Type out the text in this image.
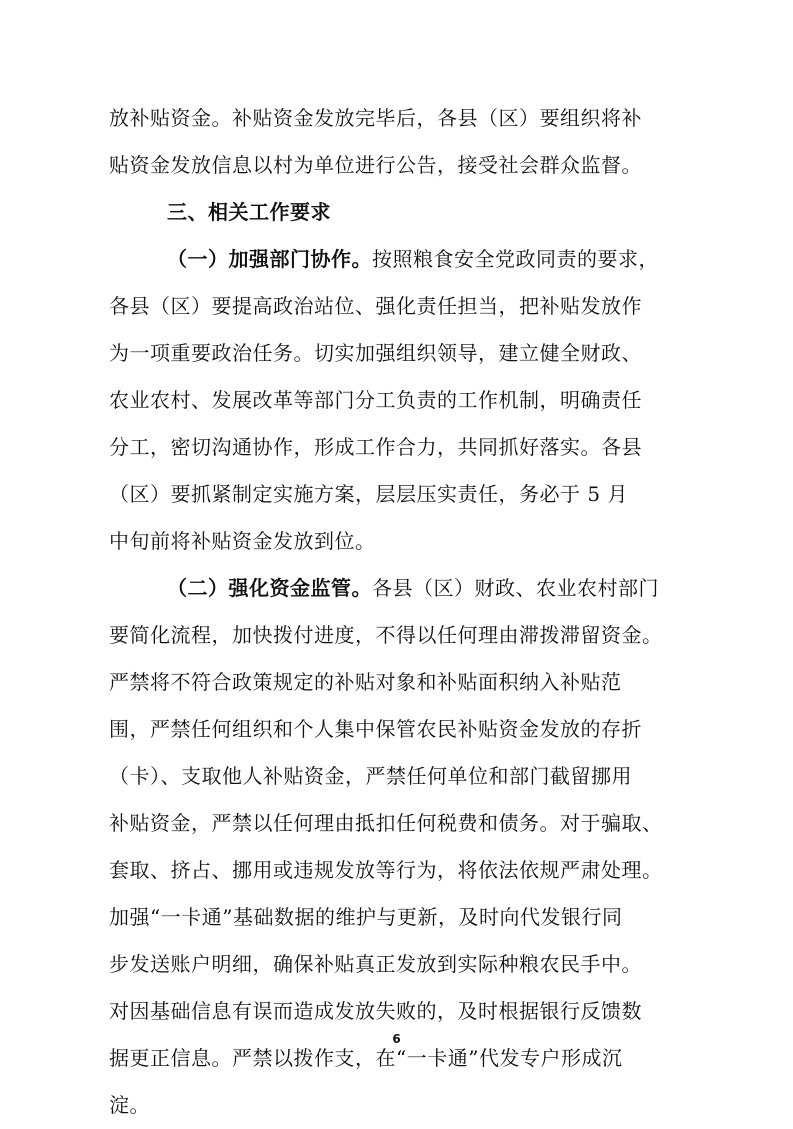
放补贴资金。补贴资金发放完毕后，各县（区）要组织将补
贴资金发放信息以村为单位进行公告，接受社会群众监督。
三、相关工作要求
（一）加强部门协作。按照粮食安全党政同责的要求，
各县（区）要提高政治站位、强化责任担当，把补贴发放作
为一项重要政治任务。切实加强组织领导，建立健全财政、
农业农村、发展改革等部门分工负责的工作机制，明确责任
分工，密切沟通协作，形成工作合力，共同抓好落实。各县
（区）要抓紧制定实施方案，层层压实责任，务必于 5 月
中旬前将补贴资金发放到位。
（二）强化资金监管。各县（区）财政、农业农村部门
要简化流程，加快拨付进度，不得以任何理由滞拨滞留资金。
严禁将不符合政策规定的补贴对象和补贴面积纳入补贴范
围，严禁任何组织和个人集中保管农民补贴资金发放的存折
（卡）、支取他人补贴资金，严禁任何单位和部门截留挪用
补贴资金，严禁以任何理由抵扣任何税费和债务。对于骗取、
套取、挤占、挪用或违规发放等行为，将依法依规严肃处理。
加强“一卡通”基础数据的维护与更新，及时向代发银行同
步发送账户明细，确保补贴真正发放到实际种粮农民手中。
对因基础信息有误而造成发放失败的，及时根据银行反馈数
据更正信息。严禁以拨作支，在“一卡通”代发专户形成沉
淀。
6
